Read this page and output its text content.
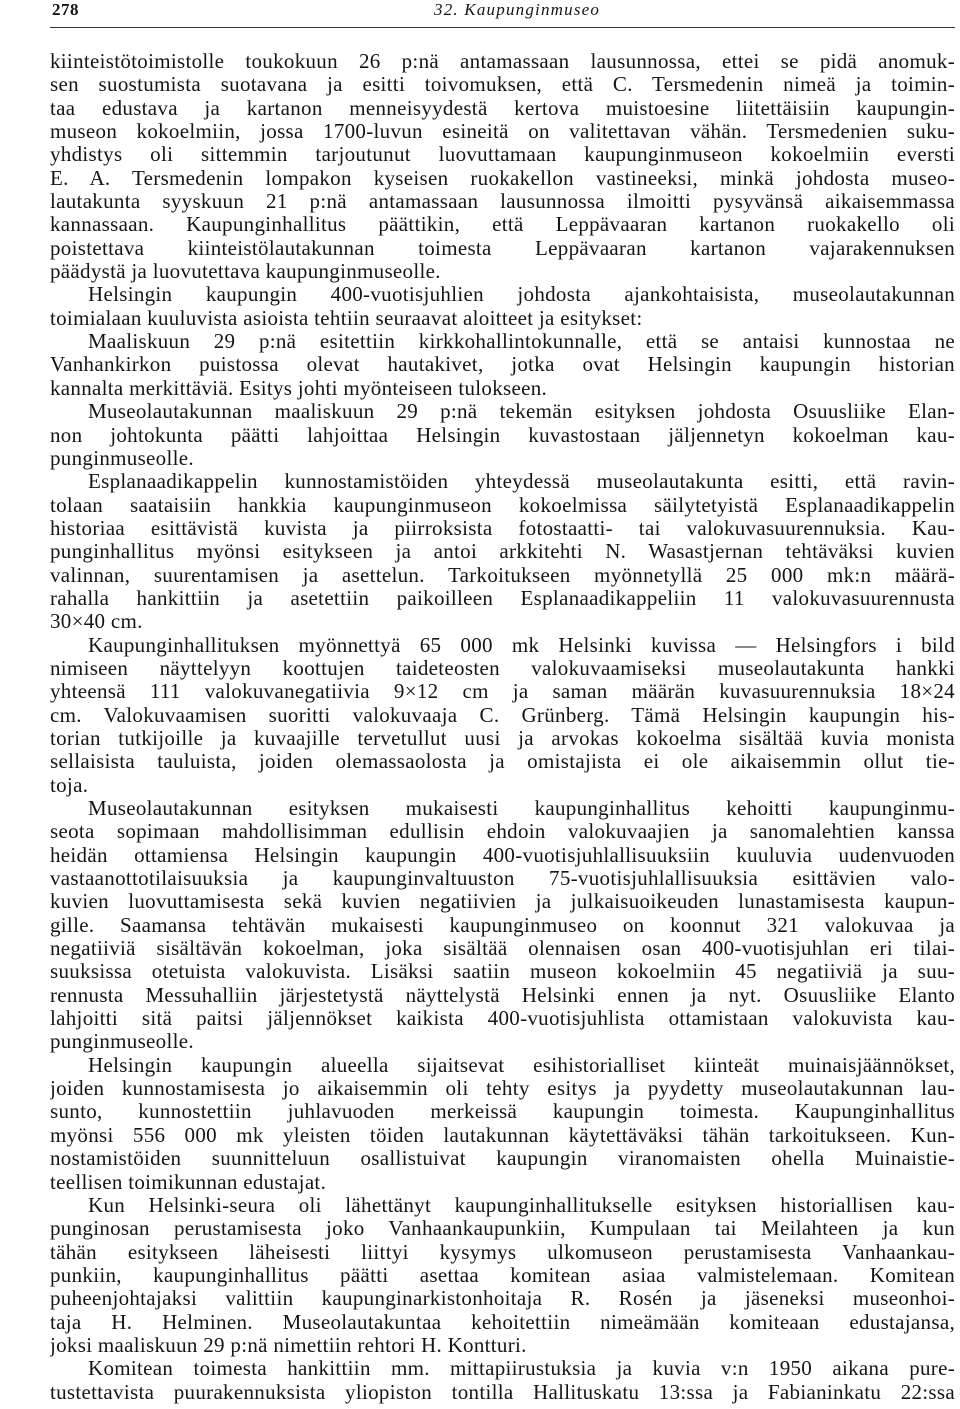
278	32. Kaupunginmuseo
kiinteistötoimistolle toukokuun 26 p:nä antamassaan lausunnossa, ettei se pidä anomuk-
sen suostumista suotavana ja esitti toivomuksen, että C. Tersmedenin nimeä ja toimin-
taa edustava ja kartanon menneisyydestä kertova muistoesine liitettäisiin kaupungin-
museon kokoelmiin, jossa 1700-luvun esineitä on valitettavan vähän. Tersmedenien suku-
yhdistys oli sittemmin tarjoutunut luovuttamaan kaupunginmuseon kokoelmiin eversti
E. A. Tersmedenin lompakon kyseisen ruokakellon vastineeksi, minkä johdosta museo-
lautakunta syyskuun 21 p:nä antamassaan lausunnossa ilmoitti pysyvänsä aikaisemmassa
kannassaan. Kaupunginhallitus päättikin, että Leppävaaran kartanon ruokakello oli
poistettava kiinteistölautakunnan toimesta Leppävaaran kartanon vajarakennuksen
päädystä ja luovutettava kaupunginmuseolle.
Helsingin kaupungin 400-vuotisjuhlien johdosta ajankohtaisista, museolautakunnan
toimialaan kuuluvista asioista tehtiin seuraavat aloitteet ja esitykset:
Maaliskuun 29 p:nä esitettiin kirkkohallintokunnalle, että se antaisi kunnostaa ne
Vanhankirkon puistossa olevat hautakivet, jotka ovat Helsingin kaupungin historian
kannalta merkittäviä. Esitys johti myönteiseen tulokseen.
Museolautakunnan maaliskuun 29 p:nä tekemän esityksen johdosta Osuusliike Elan-
non johtokunta päätti lahjoittaa Helsingin kuvastostaan jäljennetyn kokoelman kau-
punginmuseolle.
Esplanaadikappelin kunnostamistöiden yhteydessä museolautakunta esitti, että ravin-
tolaan saataisiin hankkia kaupunginmuseon kokoelmissa säilytetyistä Esplanaadikappelin
historiaa esittävistä kuvista ja piirroksista fotostaatti- tai valokuvasuurennuksia. Kau-
punginhallitus myönsi esitykseen ja antoi arkkitehti N. Wasastjernan tehtäväksi kuvien
valinnan, suurentamisen ja asettelun. Tarkoitukseen myönnetyllä 25 000 mk:n määrä-
rahalla hankittiin ja asetettiin paikoilleen Esplanaadikappeliin 11 valokuvasuurennusta
30×40 cm.
Kaupunginhallituksen myönnettyä 65 000 mk Helsinki kuvissa — Helsingfors i bild
nimiseen näyttelyyn koottujen taideteosten valokuvaamiseksi museolautakunta hankki
yhteensä 111 valokuvanegatiivia 9×12 cm ja saman määrän kuvasuurennuksia 18×24
cm. Valokuvaamisen suoritti valokuvaaja C. Grünberg. Tämä Helsingin kaupungin his-
torian tutkijoille ja kuvaajille tervetullut uusi ja arvokas kokoelma sisältää kuvia monista
sellaisista tauluista, joiden olemassaolosta ja omistajista ei ole aikaisemmin ollut tie-
toja.
Museolautakunnan esityksen mukaisesti kaupunginhallitus kehoitti kaupunginmu-
seota sopimaan mahdollisimman edullisin ehdoin valokuvaajien ja sanomalehtien kanssa
heidän ottamiensa Helsingin kaupungin 400-vuotisjuhlallisuuksiin kuuluvia uudenvuoden
vastaanottotilaisuuksia ja kaupunginvaltuuston 75-vuotisjuhlallisuuksia esittävien valo-
kuvien luovuttamisesta sekä kuvien negatiivien ja julkaisuoikeuden lunastamisesta kaupun-
gille. Saamansa tehtävän mukaisesti kaupunginmuseo on koonnut 321 valokuvaa ja
negatiiviä sisältävän kokoelman, joka sisältää olennaisen osan 400-vuotisjuhlan eri tilai-
suuksissa otetuista valokuvista. Lisäksi saatiin museon kokoelmiin 45 negatiiviä ja suu-
rennusta Messuhalliin järjestetystä näyttelystä Helsinki ennen ja nyt. Osuusliike Elanto
lahjoitti sitä paitsi jäljennökset kaikista 400-vuotisjuhlista ottamistaan valokuvista kau-
punginmuseolle.
Helsingin kaupungin alueella sijaitsevat esihistorialliset kiinteät muinaisjäännökset,
joiden kunnostamisesta jo aikaisemmin oli tehty esitys ja pyydetty museolautakunnan lau-
sunto, kunnostettiin juhlavuoden merkeissä kaupungin toimesta. Kaupunginhallitus
myönsi 556 000 mk yleisten töiden lautakunnan käytettäväksi tähän tarkoitukseen. Kun-
nostamistöiden suunnitteluun osallistuivat kaupungin viranomaisten ohella Muinaistie-
teellisen toimikunnan edustajat.
Kun Helsinki-seura oli lähettänyt kaupunginhallitukselle esityksen historiallisen kau-
punginosan perustamisesta joko Vanhaankaupunkiin, Kumpulaan tai Meilahteen ja kun
tähän esitykseen läheisesti liittyi kysymys ulkomuseon perustamisesta Vanhaankau-
punkiin, kaupunginhallitus päätti asettaa komitean asiaa valmistelemaan. Komitean
puheenjohtajaksi valittiin kaupunginarkistonhoitaja R. Rosén ja jäseneksi museonhoi-
taja H. Helminen. Museolautakuntaa kehoitettiin nimeämään komiteaan edustajansa,
joksi maaliskuun 29 p:nä nimettiin rehtori H. Kontturi.
Komitean toimesta hankittiin mm. mittapiirustuksia ja kuvia v:n 1950 aikana pure-
tustettavista puurakennuksista yliopiston tontilla Hallituskatu 13:ssa ja Fabianinkatu 22:ssa
